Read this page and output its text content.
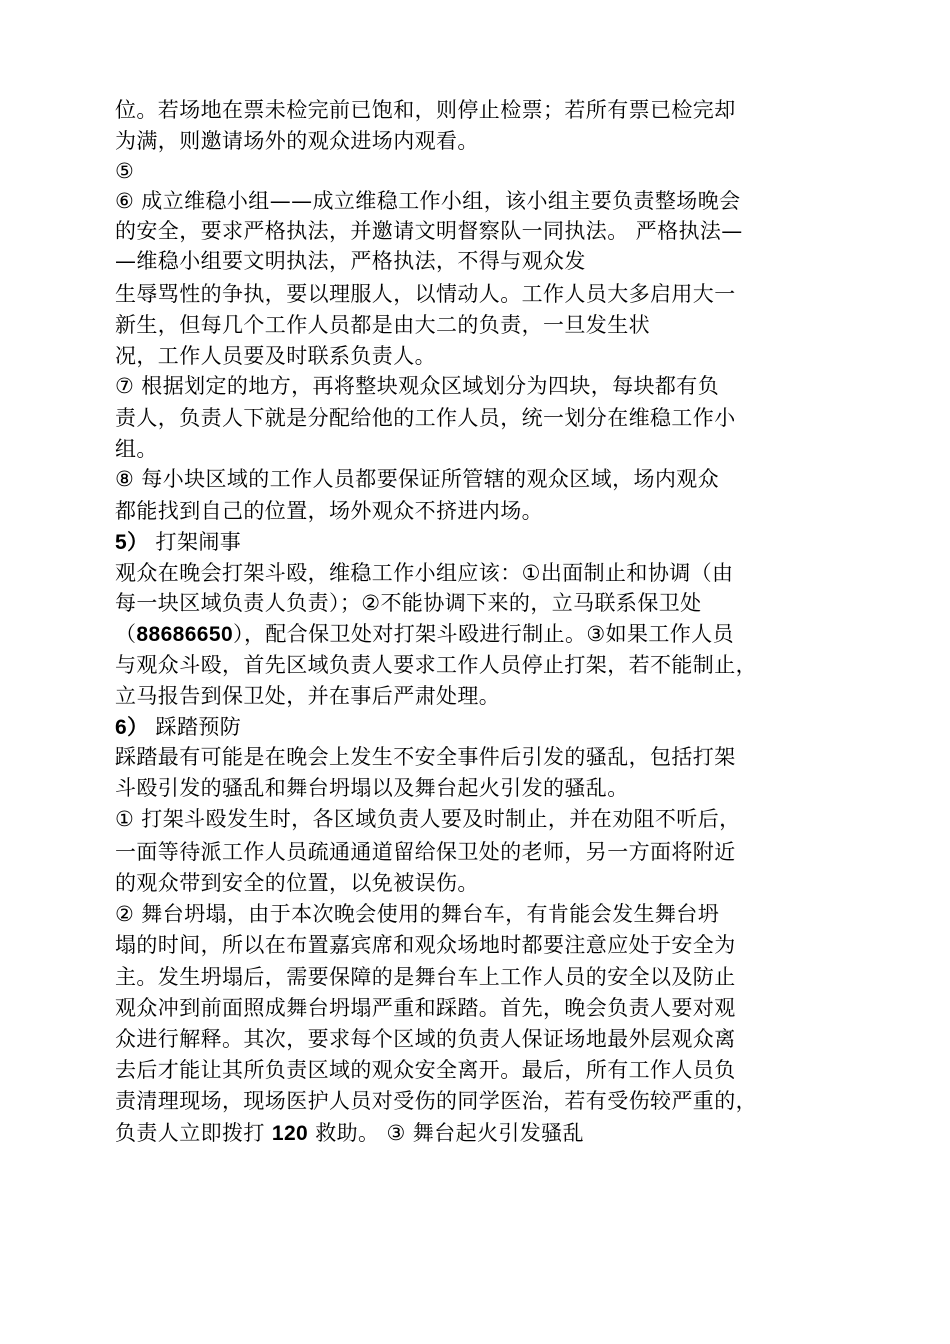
位。若场地在票未检完前已饱和，则停止检票；若所有票已检完却
为满，则邀请场外的观众进场内观看。
⑤
⑥ 成立维稳小组——成立维稳工作小组，该小组主要负责整场晚会
的安全，要求严格执法，并邀请文明督察队一同执法。 严格执法—
—维稳小组要文明执法，严格执法，不得与观众发
生辱骂性的争执，要以理服人，以情动人。工作人员大多启用大一
新生，但每几个工作人员都是由大二的负责，一旦发生状
况，工作人员要及时联系负责人。
⑦ 根据划定的地方，再将整块观众区域划分为四块，每块都有负
责人，负责人下就是分配给他的工作人员，统一划分在维稳工作小
组。
⑧ 每小块区域的工作人员都要保证所管辖的观众区域，场内观众
都能找到自己的位置，场外观众不挤进内场。
5） 打架闹事
观众在晚会打架斗殴，维稳工作小组应该：①出面制止和协调（由
每一块区域负责人负责）；②不能协调下来的，立马联系保卫处
（88686650），配合保卫处对打架斗殴进行制止。③如果工作人员
与观众斗殴，首先区域负责人要求工作人员停止打架，若不能制止，
立马报告到保卫处，并在事后严肃处理。
6） 踩踏预防
踩踏最有可能是在晚会上发生不安全事件后引发的骚乱，包括打架
斗殴引发的骚乱和舞台坍塌以及舞台起火引发的骚乱。
① 打架斗殴发生时，各区域负责人要及时制止，并在劝阻不听后，
一面等待派工作人员疏通通道留给保卫处的老师，另一方面将附近
的观众带到安全的位置，以免被误伤。
② 舞台坍塌，由于本次晚会使用的舞台车，有肯能会发生舞台坍
塌的时间，所以在布置嘉宾席和观众场地时都要注意应处于安全为
主。发生坍塌后，需要保障的是舞台车上工作人员的安全以及防止
观众冲到前面照成舞台坍塌严重和踩踏。首先，晚会负责人要对观
众进行解释。其次，要求每个区域的负责人保证场地最外层观众离
去后才能让其所负责区域的观众安全离开。最后，所有工作人员负
责清理现场，现场医护人员对受伤的同学医治，若有受伤较严重的，
负责人立即拨打 120 救助。 ③ 舞台起火引发骚乱
